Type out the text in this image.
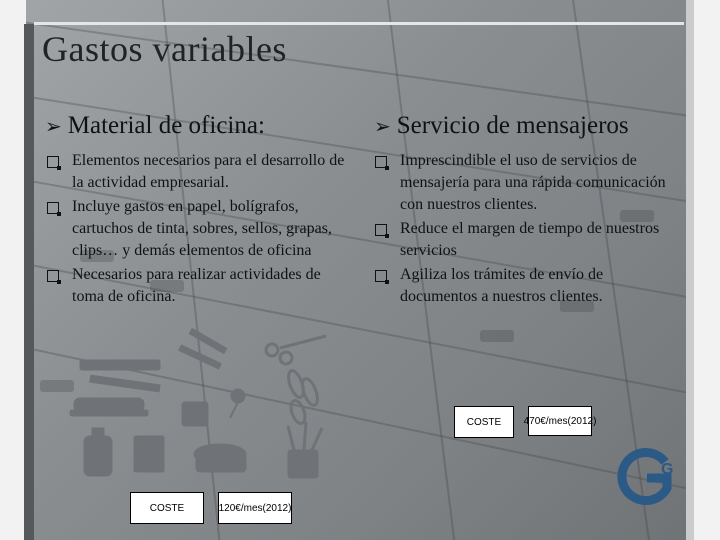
Gastos variables
➢ Material de oficina:
Elementos necesarios para el desarrollo de la actividad empresarial.
Incluye gastos en papel, bolígrafos, cartuchos de tinta, sobres, sellos, grapas, clips… y demás elementos de oficina
Necesarios para realizar actividades de toma de oficina.
➢ Servicio de mensajeros
Imprescindible el uso de servicios de mensajería para una rápida comunicación con nuestros clientes.
Reduce el margen de tiempo de nuestros servicios
Agiliza los trámites de envío de documentos a nuestros clientes.
COSTE	470€/mes (2012)
COSTE	120€/mes (2012)
G
